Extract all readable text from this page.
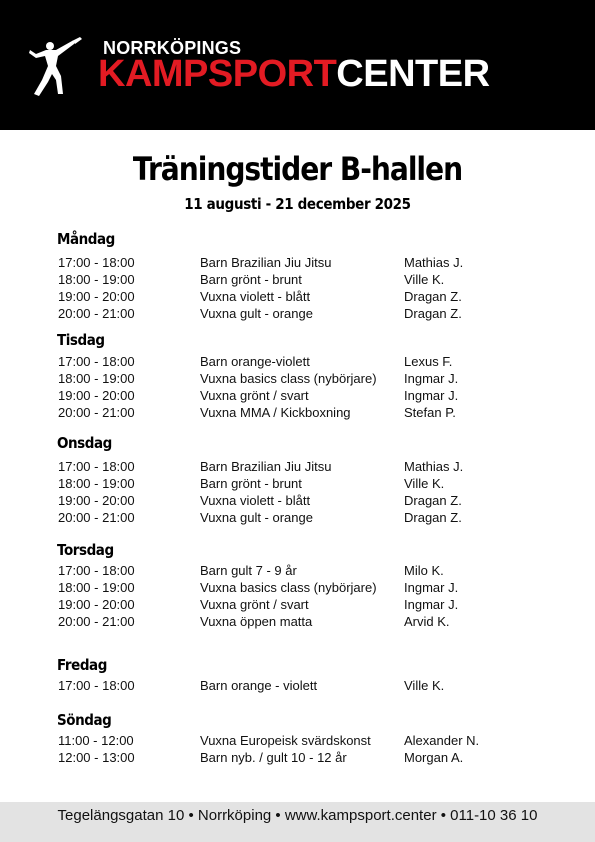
NORRKÖPINGS
KAMPSPORTCENTER
Träningstider B-hallen
11 augusti - 21 december 2025
Måndag
17:00 - 18:00	Barn Brazilian Jiu Jitsu	Mathias J.
18:00 - 19:00	Barn grönt - brunt	Ville K.
19:00 - 20:00	Vuxna violett - blått	Dragan Z.
20:00 - 21:00	Vuxna gult - orange	Dragan Z.
Tisdag
17:00 - 18:00	Barn orange-violett	Lexus F.
18:00 - 19:00	Vuxna basics class (nybörjare) Ingmar J.
19:00 - 20:00	Vuxna grönt / svart	Ingmar J.
20:00 - 21:00	Vuxna MMA / Kickboxning	Stefan P.
Onsdag
17:00 - 18:00	Barn Brazilian Jiu Jitsu	Mathias J.
18:00 - 19:00	Barn grönt - brunt	Ville K.
19:00 - 20:00	Vuxna violett - blått	Dragan Z.
20:00 - 21:00	Vuxna gult - orange	Dragan Z.
Torsdag
17:00 - 18:00	Barn gult 7 - 9 år	Milo K.
18:00 - 19:00	Vuxna basics class (nybörjare) Ingmar J.
19:00 - 20:00	Vuxna grönt / svart	Ingmar J.
20:00 - 21:00	Vuxna öppen matta	Arvid K.
Fredag
17:00 - 18:00	Barn orange - violett	Ville K.
Söndag
11:00 - 12:00	Vuxna Europeisk svärdskonst	Alexander N.
12:00 - 13:00	Barn nyb. / gult 10 - 12 år	Morgan A.
Tegelängsgatan 10 • Norrköping • www.kampsport.center • 011-10 36 10
